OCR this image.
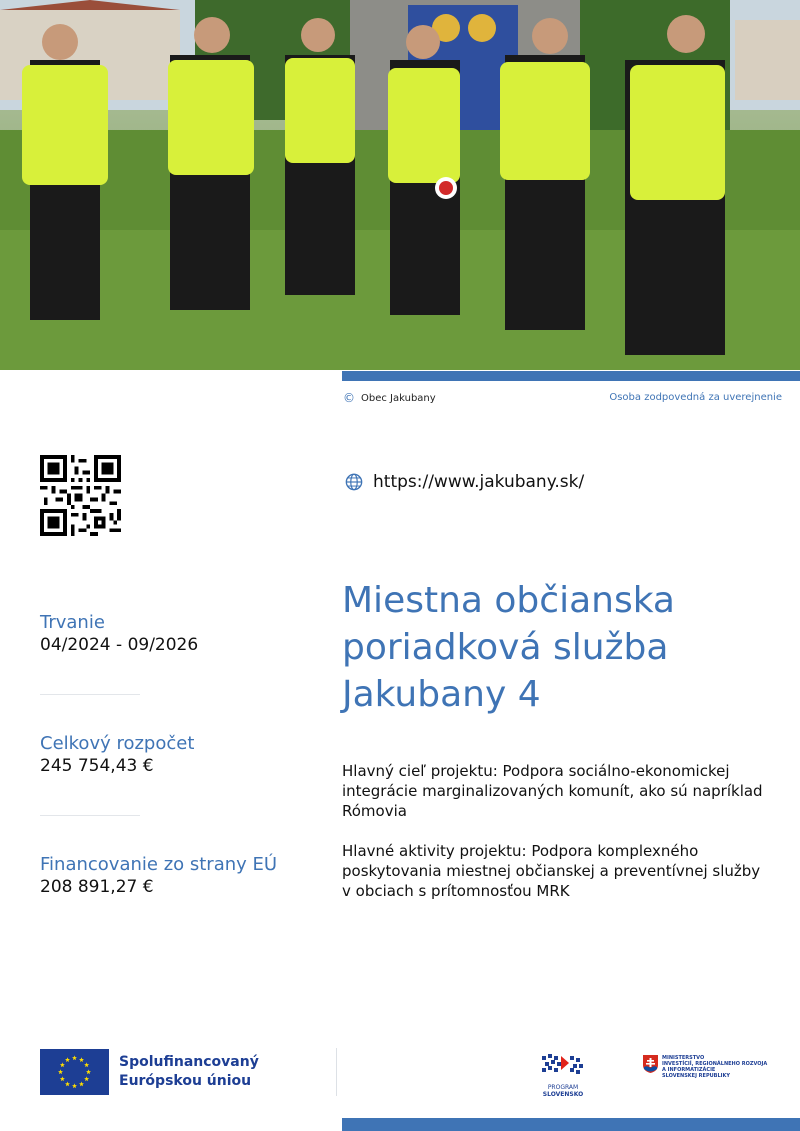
© Obec Jakubany	Osoba zodpovedná za uverejnenie
https://www.jakubany.sk/
Miestna občianska poriadková služba Jakubany 4
Trvanie
04/2024 - 09/2026
Celkový rozpočet
245 754,43 €
Financovanie zo strany EÚ
208 891,27 €

Hlavný cieľ projektu: Podpora sociálno-ekonomickej integrácie marginalizovaných komunít, ako sú napríklad Rómovia

Hlavné aktivity projektu: Podpora komplexného poskytovania miestnej občianskej a preventívnej služby v obciach s prítomnosťou MRK

Spolufinancovaný
Európskou úniou	PROGRAM
SLOVENSKO
MINISTERSTVO
INVESTÍCIÍ, REGIONÁLNEHO ROZVOJA
A INFORMATIZÁCIE
SLOVENSKEJ REPUBLIKY
